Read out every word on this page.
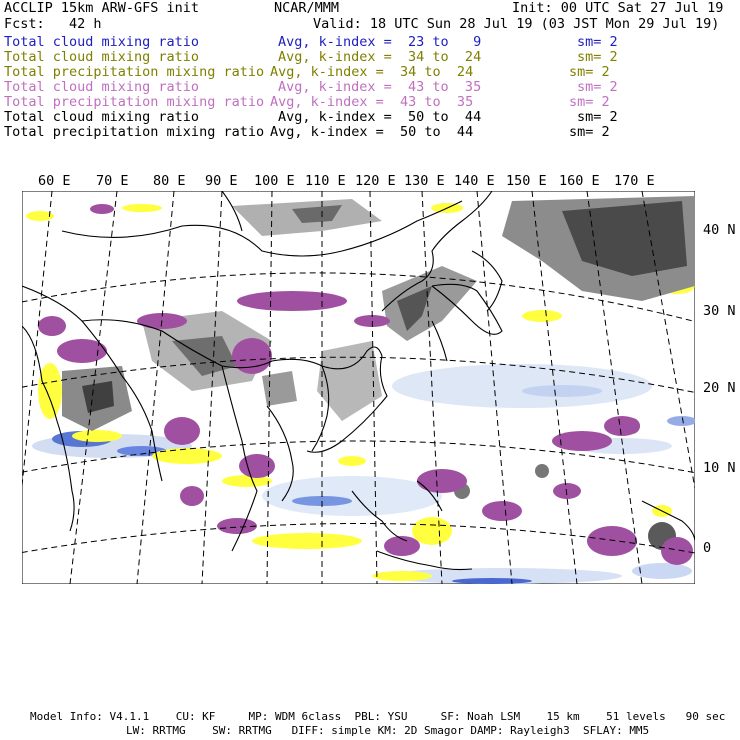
ACCLIP 15km ARW-GFS init	NCAR/MMM	Init: 00 UTC Sat 27 Jul 19
Fcst:   42 h	Valid: 18 UTC Sun 28 Jul 19 (03 JST Mon 29 Jul 19)
Total cloud mixing ratio	Avg, k-index =  23 to   9	sm= 2
Total cloud mixing ratio	Avg, k-index =  34 to  24	sm= 2
Total precipitation mixing ratio Avg, k-index =  34 to  24	sm= 2
Total cloud mixing ratio	Avg, k-index =  43 to  35	sm= 2
Total precipitation mixing ratio Avg, k-index =  43 to  35	sm= 2
Total cloud mixing ratio	Avg, k-index =  50 to  44	sm= 2
Total precipitation mixing ratio Avg, k-index =  50 to  44	sm= 2
60 E 70 E 80 E 90 E 100 E 110 E 120 E 130 E 140 E 150 E 160 E 170 E
40 N
30 N
20 N
10 N
0
Model Info: V4.1.1    CU: KF     MP: WDM 6class  PBL: YSU     SF: Noah LSM    15 km    51 levels   90 sec
LW: RRTMG    SW: RRTMG   DIFF: simple KM: 2D Smagor DAMP: Rayleigh3  SFLAY: MM5
